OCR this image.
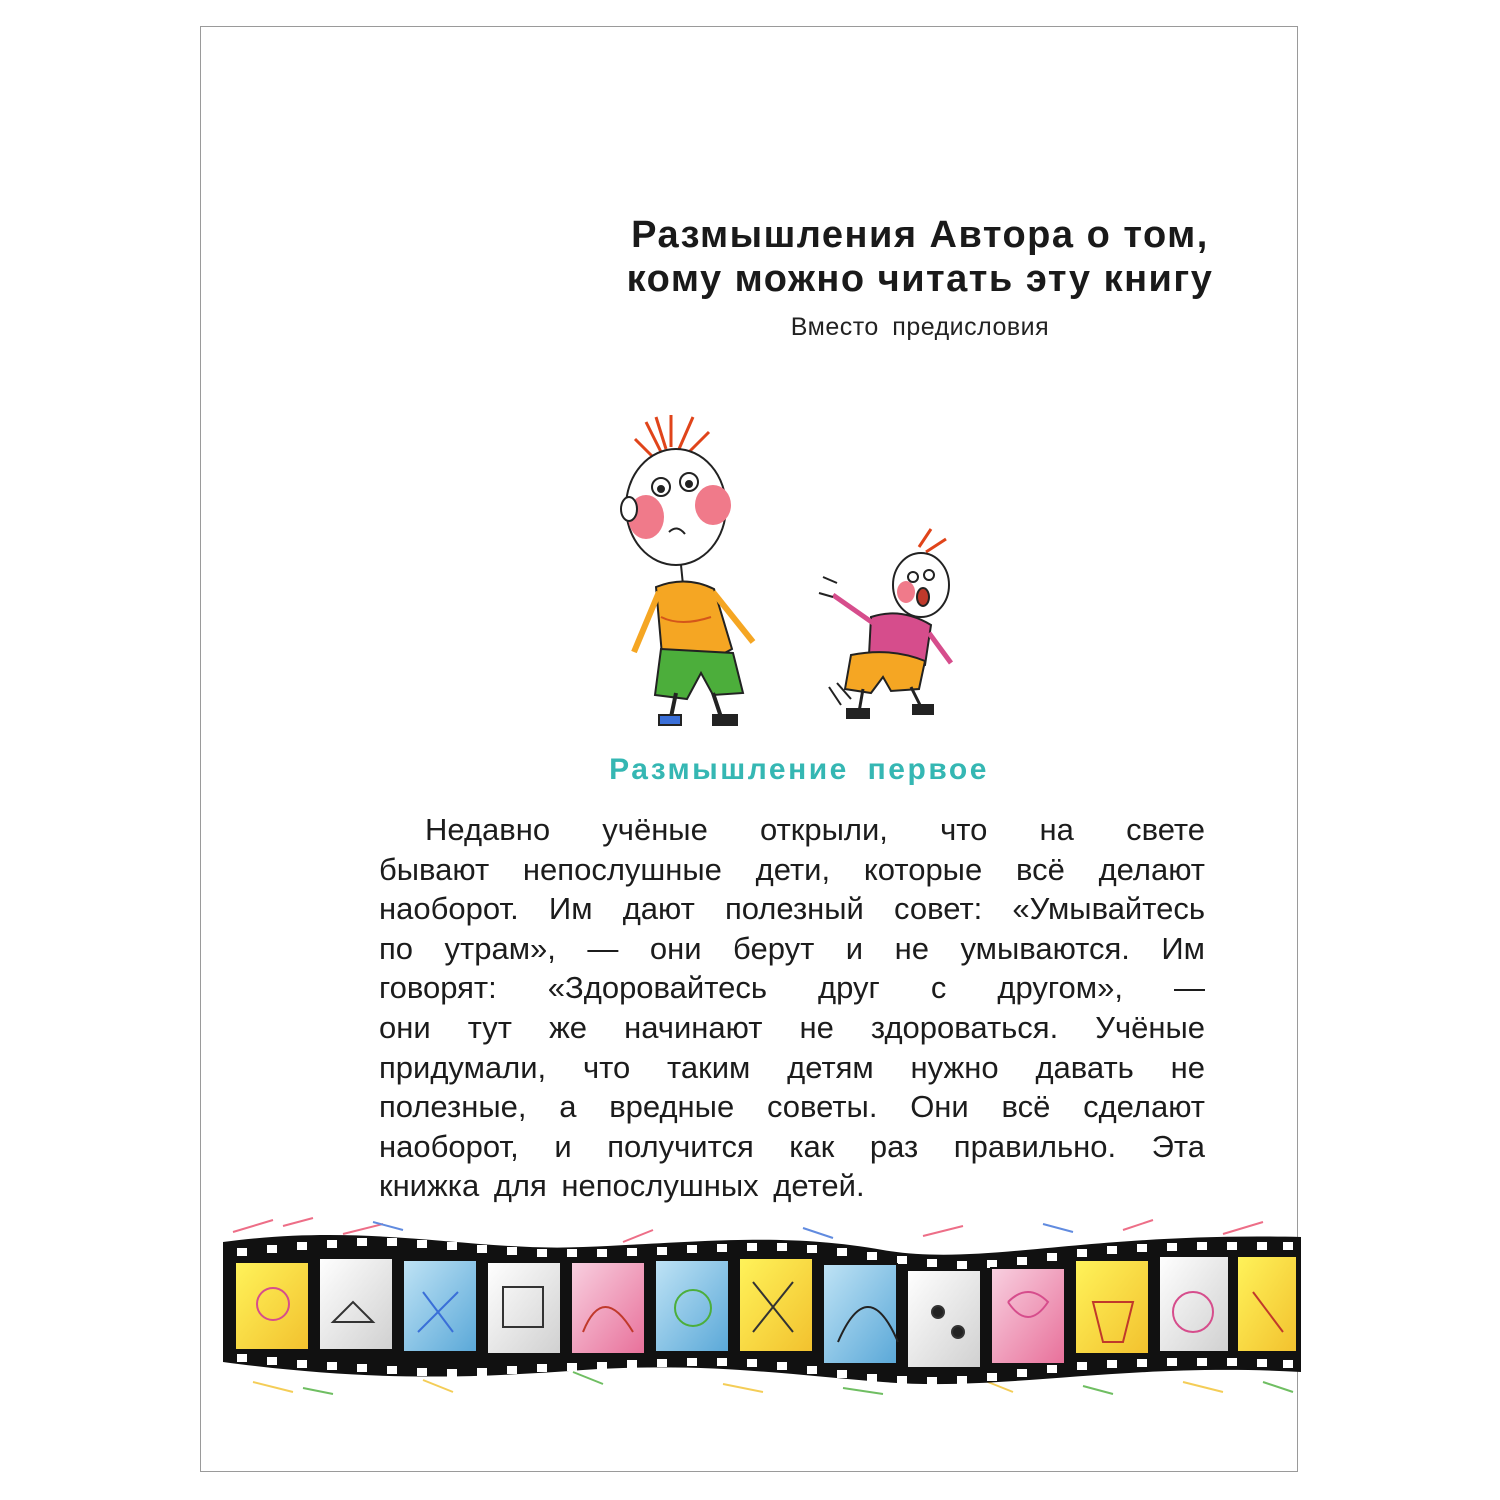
Размышления Автора о том,
кому можно читать эту книгу
Вместо предисловия
Размышление первое
Недавно учёные открыли, что на свете
бывают непослушные дети, которые всё делают
наоборот. Им дают полезный совет: «Умывайтесь
по утрам», — они берут и не умываются. Им
говорят: «Здоровайтесь друг с другом», —
они тут же начинают не здороваться. Учёные
придумали, что таким детям нужно давать не
полезные, а вредные советы. Они всё сделают
наоборот, и получится как раз правильно. Эта
книжка для непослушных детей.
